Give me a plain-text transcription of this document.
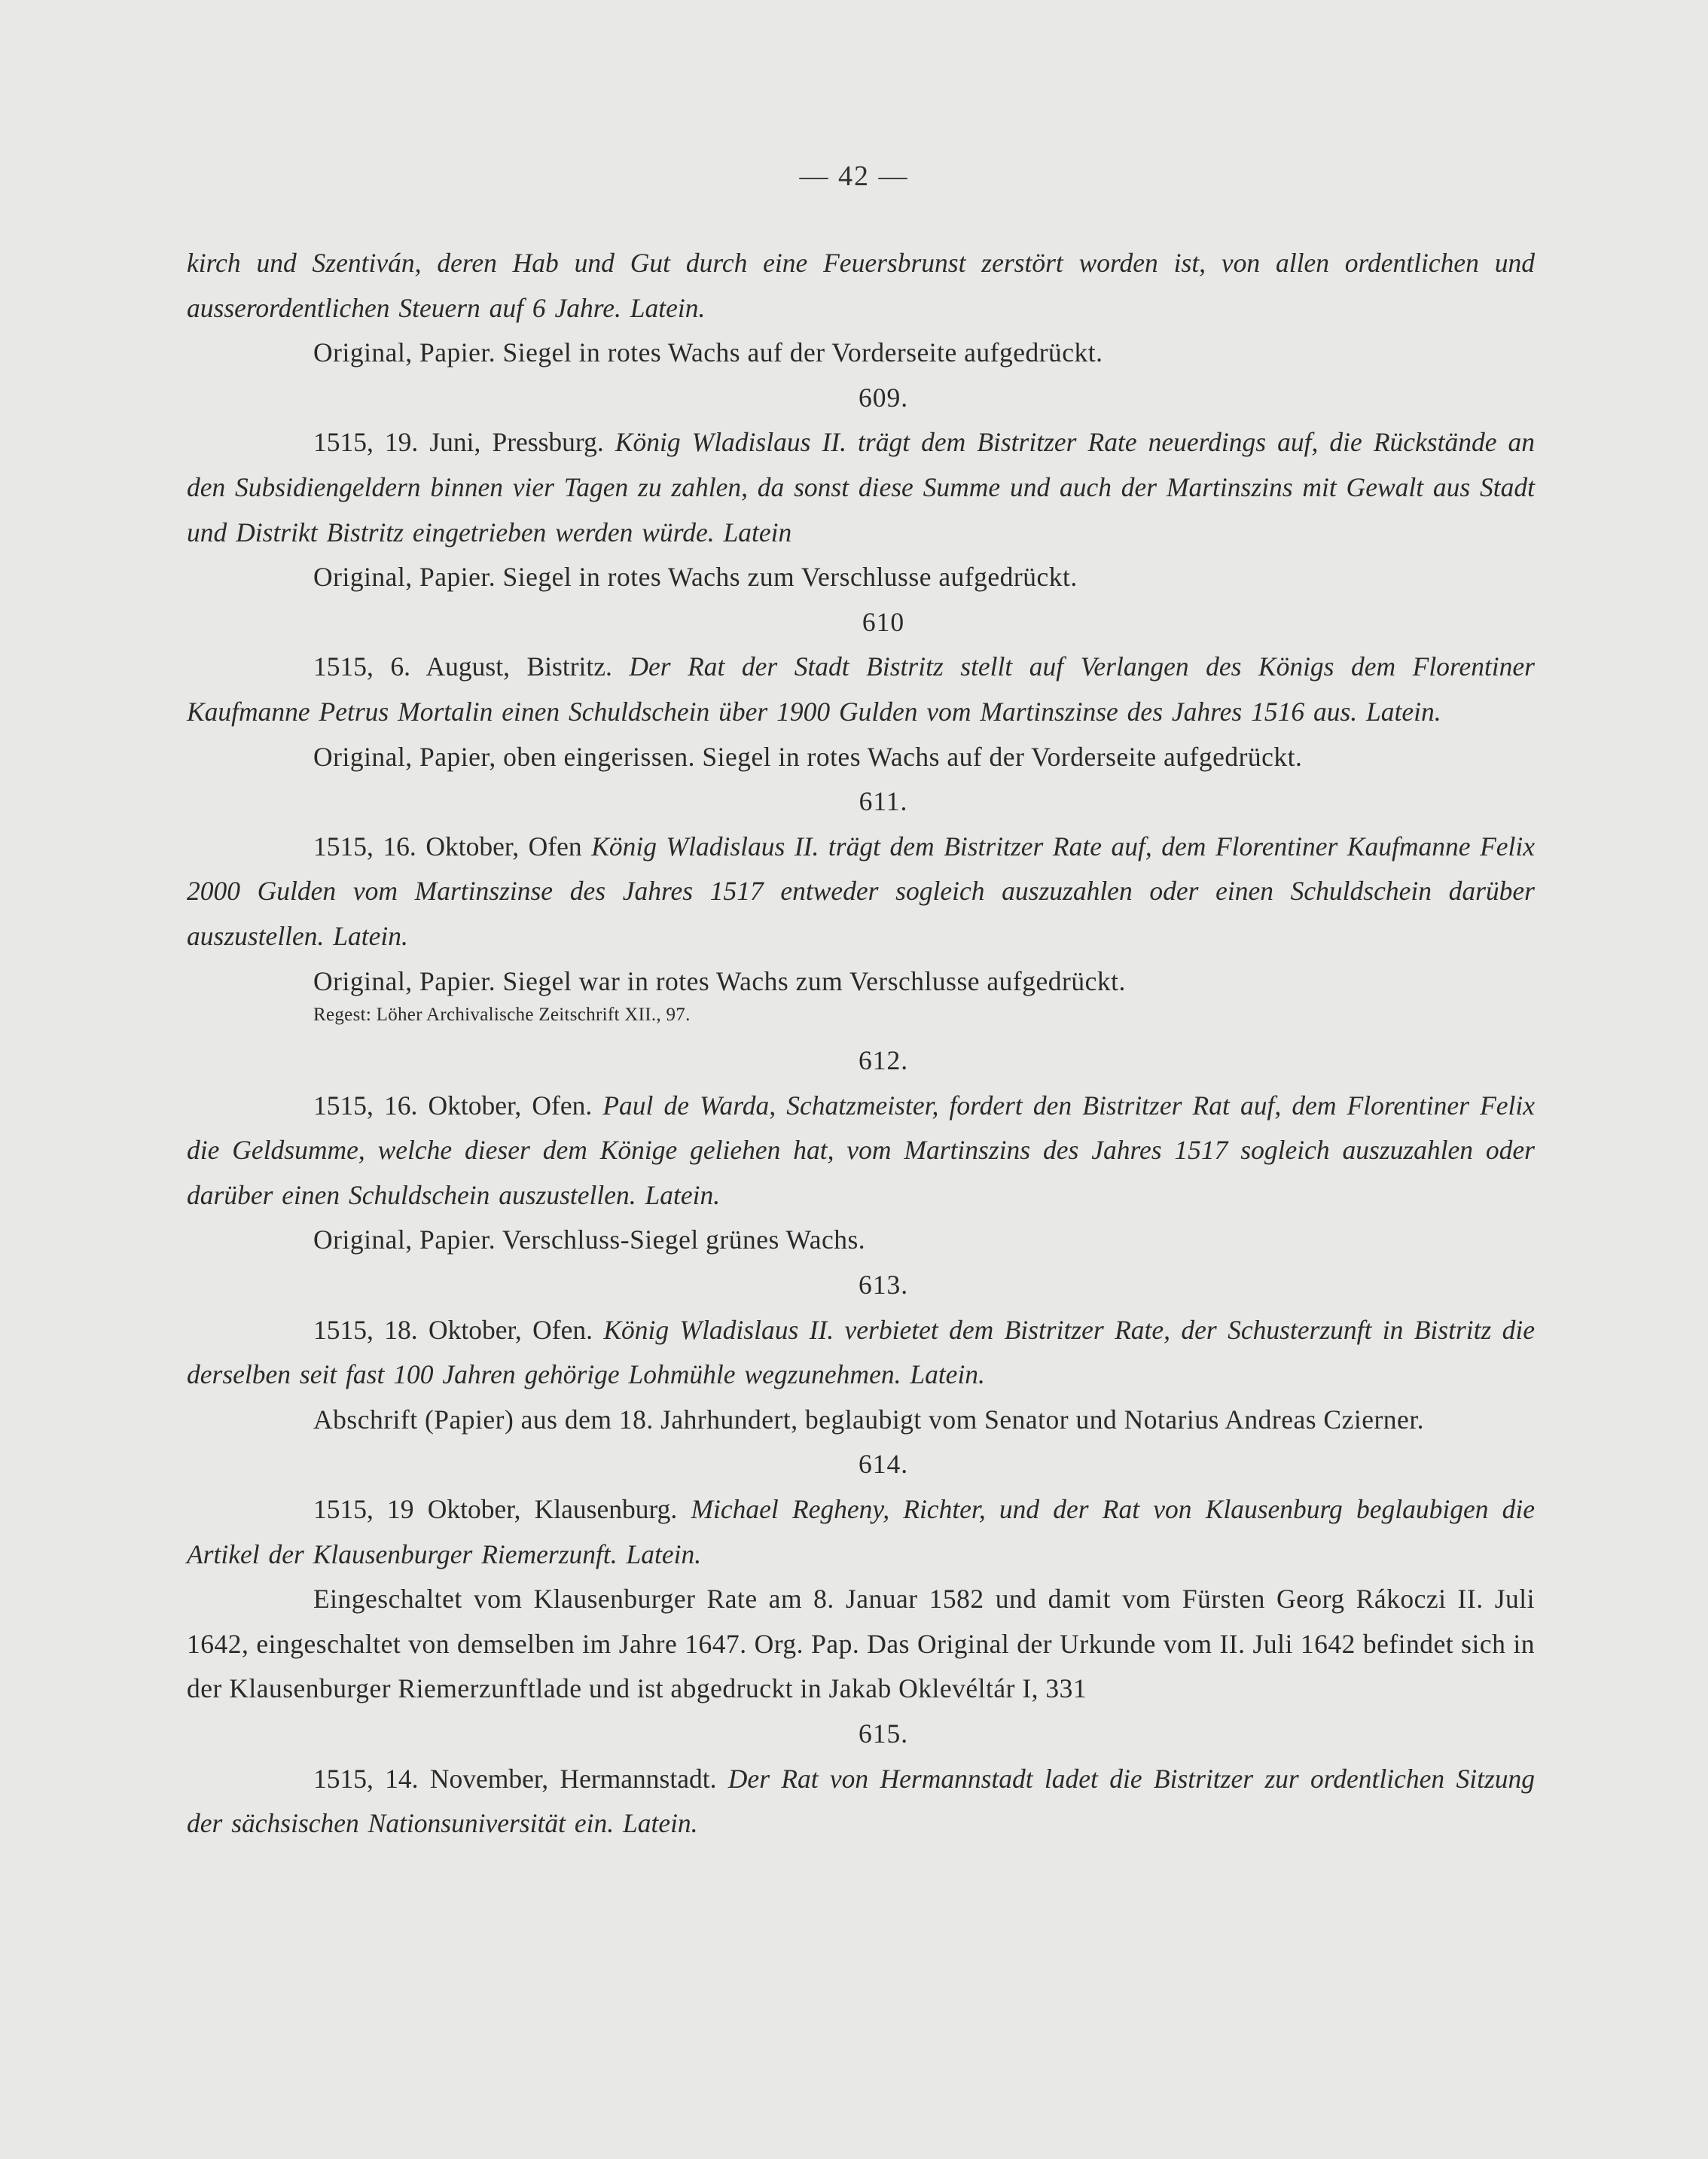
— 42 —

kirch und Szentiván, deren Hab und Gut durch eine Feuersbrunst zerstört worden ist, von allen ordentlichen und ausserordentlichen Steuern auf 6 Jahre. Latein.

Original, Papier. Siegel in rotes Wachs auf der Vorderseite aufgedrückt.

609.

1515, 19. Juni, Pressburg. König Wladislaus II. trägt dem Bistritzer Rate neuerdings auf, die Rückstände an den Subsidiengeldern binnen vier Tagen zu zahlen, da sonst diese Summe und auch der Martinszins mit Gewalt aus Stadt und Distrikt Bistritz eingetrieben werden würde. Latein

Original, Papier. Siegel in rotes Wachs zum Verschlusse aufgedrückt.

610

1515, 6. August, Bistritz. Der Rat der Stadt Bistritz stellt auf Verlangen des Königs dem Florentiner Kaufmanne Petrus Mortalin einen Schuldschein über 1900 Gulden vom Martinszinse des Jahres 1516 aus. Latein.

Original, Papier, oben eingerissen. Siegel in rotes Wachs auf der Vorderseite aufgedrückt.

611.

1515, 16. Oktober, Ofen König Wladislaus II. trägt dem Bistritzer Rate auf, dem Florentiner Kaufmanne Felix 2000 Gulden vom Martinszinse des Jahres 1517 entweder sogleich auszuzahlen oder einen Schuldschein darüber auszustellen. Latein.

Original, Papier. Siegel war in rotes Wachs zum Verschlusse aufgedrückt.

Regest: Löher Archivalische Zeitschrift XII., 97.

612.

1515, 16. Oktober, Ofen. Paul de Warda, Schatzmeister, fordert den Bistritzer Rat auf, dem Florentiner Felix die Geldsumme, welche dieser dem Könige geliehen hat, vom Martinszins des Jahres 1517 sogleich auszuzahlen oder darüber einen Schuldschein auszustellen. Latein.

Original, Papier. Verschluss-Siegel grünes Wachs.

613.

1515, 18. Oktober, Ofen. König Wladislaus II. verbietet dem Bistritzer Rate, der Schusterzunft in Bistritz die derselben seit fast 100 Jahren gehörige Lohmühle wegzunehmen. Latein.

Abschrift (Papier) aus dem 18. Jahrhundert, beglaubigt vom Senator und Notarius Andreas Czierner.

614.

1515, 19 Oktober, Klausenburg. Michael Regheny, Richter, und der Rat von Klausenburg beglaubigen die Artikel der Klausenburger Riemerzunft. Latein.

Eingeschaltet vom Klausenburger Rate am 8. Januar 1582 und damit vom Fürsten Georg Rákoczi II. Juli 1642, eingeschaltet von demselben im Jahre 1647. Org. Pap. Das Original der Urkunde vom II. Juli 1642 befindet sich in der Klausenburger Riemerzunftlade und ist abgedruckt in Jakab Oklevéltár I, 331

615.

1515, 14. November, Hermannstadt. Der Rat von Hermannstadt ladet die Bistritzer zur ordentlichen Sitzung der sächsischen Nationsuniversität ein. Latein.
